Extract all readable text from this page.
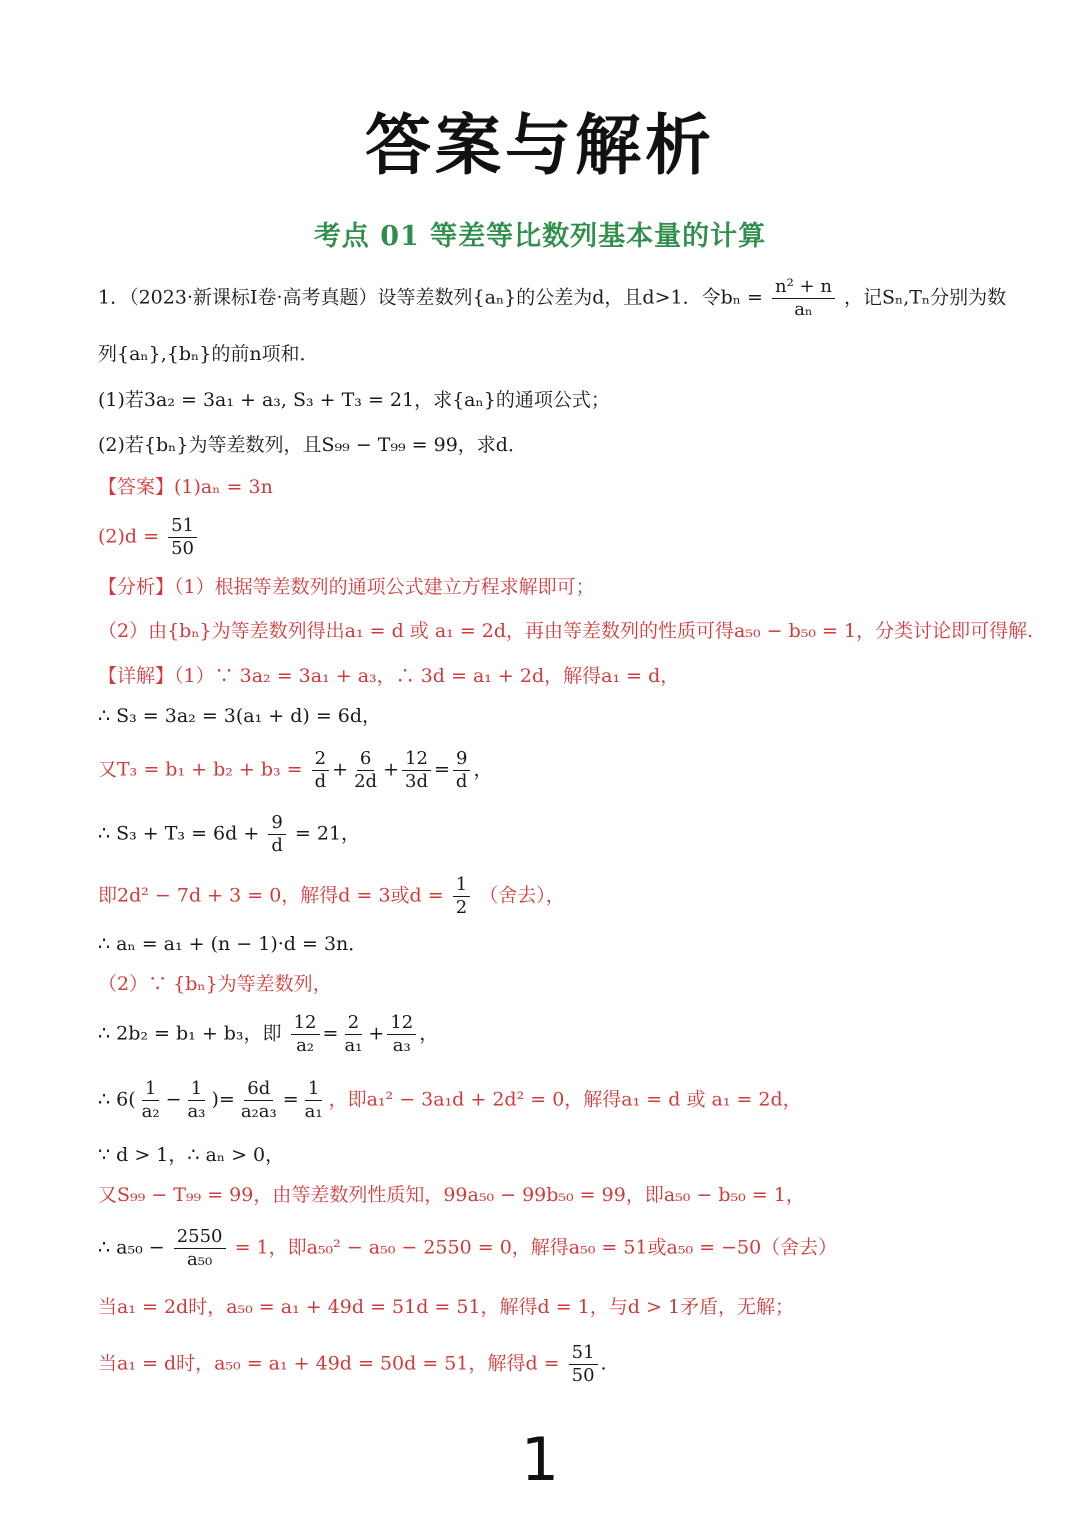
答案与解析
考点 01 等差等比数列基本量的计算
1．（2023·新课标Ⅰ卷·高考真题）设等差数列{aₙ}的公差为d，且d>1．令$b_n = \frac{\text{n² + n}}{\text{aₙ}}$ ，记Sₙ,Tₙ分别为数
列{aₙ},{bₙ}的前n项和．
(1)若3a₂ = 3a₁ + a₃, S₃ + T₃ = 21，求{aₙ}的通项公式；
(2)若{bₙ}为等差数列，且S₉₉ − T₉₉ = 99，求d．
【答案】(1)aₙ = 3n
$(2)d = \frac{51}{50}$
【分析】（1）根据等差数列的通项公式建立方程求解即可；
（2）由{bₙ}为等差数列得出a₁ = d 或 a₁ = 2d，再由等差数列的性质可得a₅₀ − b₅₀ = 1，分类讨论即可得解.
【详解】（1）∵ 3a₂ = 3a₁ + a₃，∴ 3d = a₁ + 2d，解得a₁ = d，
∴ S₃ = 3a₂ = 3(a₁ + d) = 6d，
又$T_3 = b_1 + b_2 + b_3 = \frac{2}{d} + \frac{6}{2d} + \frac{12}{3d} = \frac{9}{d}$ ，
∴ $S_3 + T_3 = 6d + \frac{9}{d} = 21$，
即2d² − 7d + 3 = 0，解得d = 3或$d = \frac{1}{2}$ （舍去），
∴ aₙ = a₁ + (n − 1)·d = 3n．
（2）∵ {bₙ}为等差数列，
∴ 2b₂ = b₁ + b₃，即 $\frac{12}{\text{a₂}} = \frac{2}{\text{a₁}} + \frac{12}{\text{a₃}}$ ，
∴ $6( \frac{1}{\text{a₂}} - \frac{1}{\text{a₃}}$ )= $\frac{6d}{\text{a₂a₃}} = \frac{1}{\text{a₁}}$ ，即a₁² − 3a₁d + 2d² = 0，解得a₁ = d 或 a₁ = 2d，
∵ d > 1，∴ aₙ > 0，
又S₉₉ − T₉₉ = 99，由等差数列性质知，99a₅₀ − 99b₅₀ = 99，即a₅₀ − b₅₀ = 1，
∴ $a_{50} - \frac{2550}{\text{a₅₀}} = 1$，即a₅₀² − a₅₀ − 2550 = 0，解得a₅₀ = 51或a₅₀ = −50（舍去）
当a₁ = 2d时，a₅₀ = a₁ + 49d = 51d = 51，解得d = 1，与d > 1矛盾，无解；
当a₁ = d时，a₅₀ = a₁ + 49d = 50d = 51，解得$d = \frac{51}{50}$ .
1
